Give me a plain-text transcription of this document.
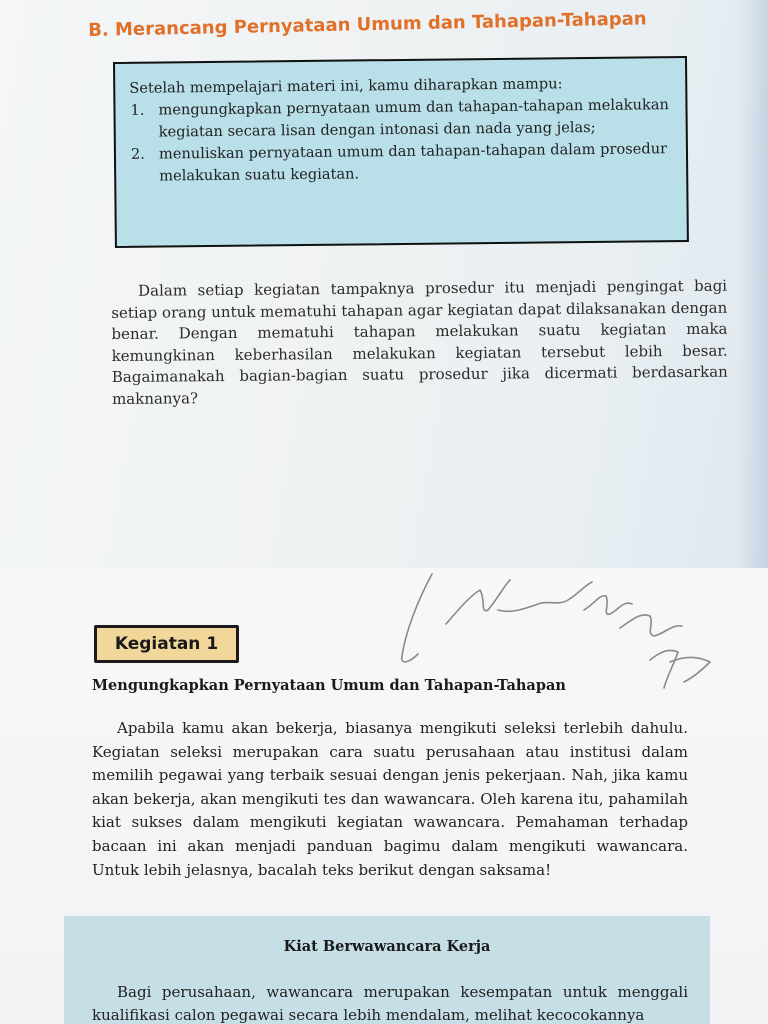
B. Merancang Pernyataan Umum dan Tahapan-Tahapan

Setelah mempelajari materi ini, kamu diharapkan mampu:

1. mengungkapkan pernyataan umum dan tahapan-tahapan melakukan kegiatan secara lisan dengan intonasi dan nada yang jelas;
2. menuliskan pernyataan umum dan tahapan-tahapan dalam prosedur melakukan suatu kegiatan.

Dalam setiap kegiatan tampaknya prosedur itu menjadi pengingat bagi setiap orang untuk mematuhi tahapan agar kegiatan dapat dilaksanakan dengan benar. Dengan mematuhi tahapan melakukan suatu kegiatan maka kemungkinan keberhasilan melakukan kegiatan tersebut lebih besar. Bagaimanakah bagian-bagian suatu prosedur jika dicermati berdasarkan maknanya?

Kegiatan 1
Mengungkapkan Pernyataan Umum dan Tahapan-Tahapan

Apabila kamu akan bekerja, biasanya mengikuti seleksi terlebih dahulu. Kegiatan seleksi merupakan cara suatu perusahaan atau institusi dalam memilih pegawai yang terbaik sesuai dengan jenis pekerjaan. Nah, jika kamu akan bekerja, akan mengikuti tes dan wawancara. Oleh karena itu, pahamilah kiat sukses dalam mengikuti kegiatan wawancara. Pemahaman terhadap bacaan ini akan menjadi panduan bagimu dalam mengikuti wawancara. Untuk lebih jelasnya, bacalah teks berikut dengan saksama!

Kiat Berwawancara Kerja

Bagi perusahaan, wawancara merupakan kesempatan untuk menggali kualifikasi calon pegawai secara lebih mendalam, melihat kecocokannya
